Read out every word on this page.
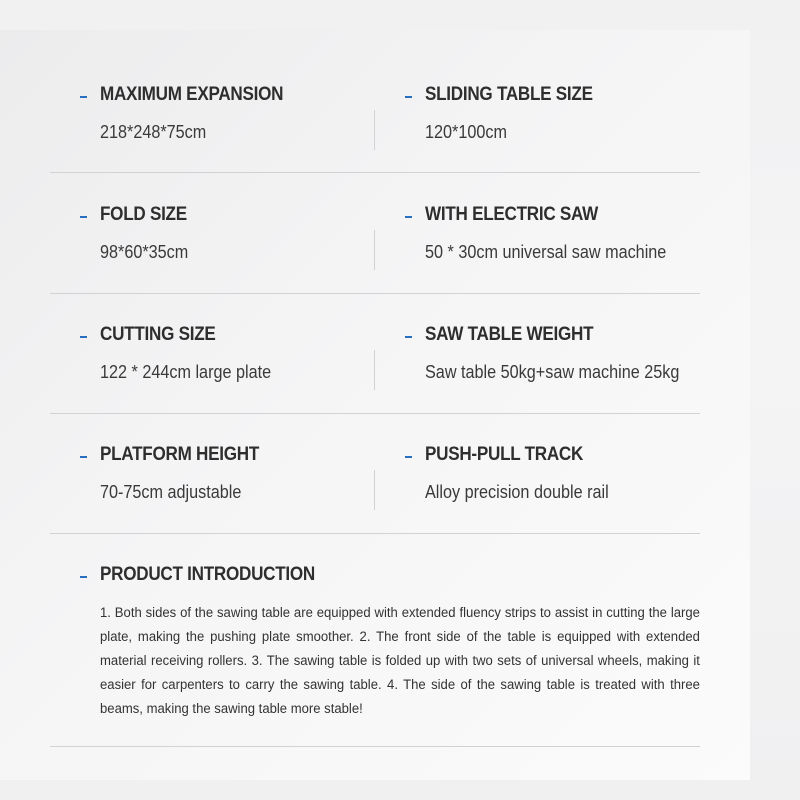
MAXIMUM EXPANSION
218*248*75cm
SLIDING TABLE SIZE
120*100cm
FOLD SIZE
98*60*35cm
WITH ELECTRIC SAW
50 * 30cm universal saw machine
CUTTING SIZE
122 * 244cm large plate
SAW TABLE WEIGHT
Saw table 50kg+saw machine 25kg
PLATFORM HEIGHT
70-75cm adjustable
PUSH-PULL TRACK
Alloy precision double rail
PRODUCT INTRODUCTION
1. Both sides of the sawing table are equipped with extended fluency strips to assist in cutting the large plate, making the pushing plate smoother. 2. The front side of the table is equipped with extended material receiving rollers. 3. The sawing table is folded up with two sets of universal wheels, making it easier for carpenters to carry the sawing table. 4. The side of the sawing table is treated with three beams, making the sawing table more stable!
